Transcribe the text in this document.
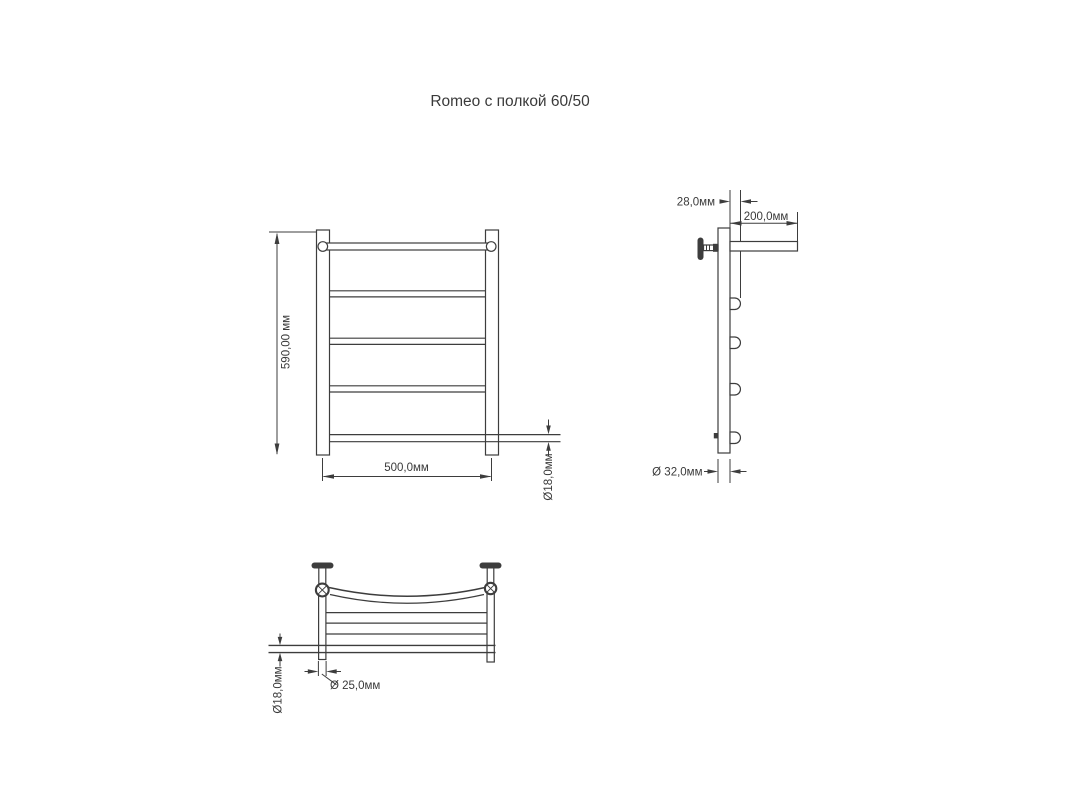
Romeo с полкой 60/50
590,00 мм
500,0мм	Ø18,0мм
28,0мм
200,0мм
Ø 32,0мм
Ø18,0мм	Ø 25,0мм
